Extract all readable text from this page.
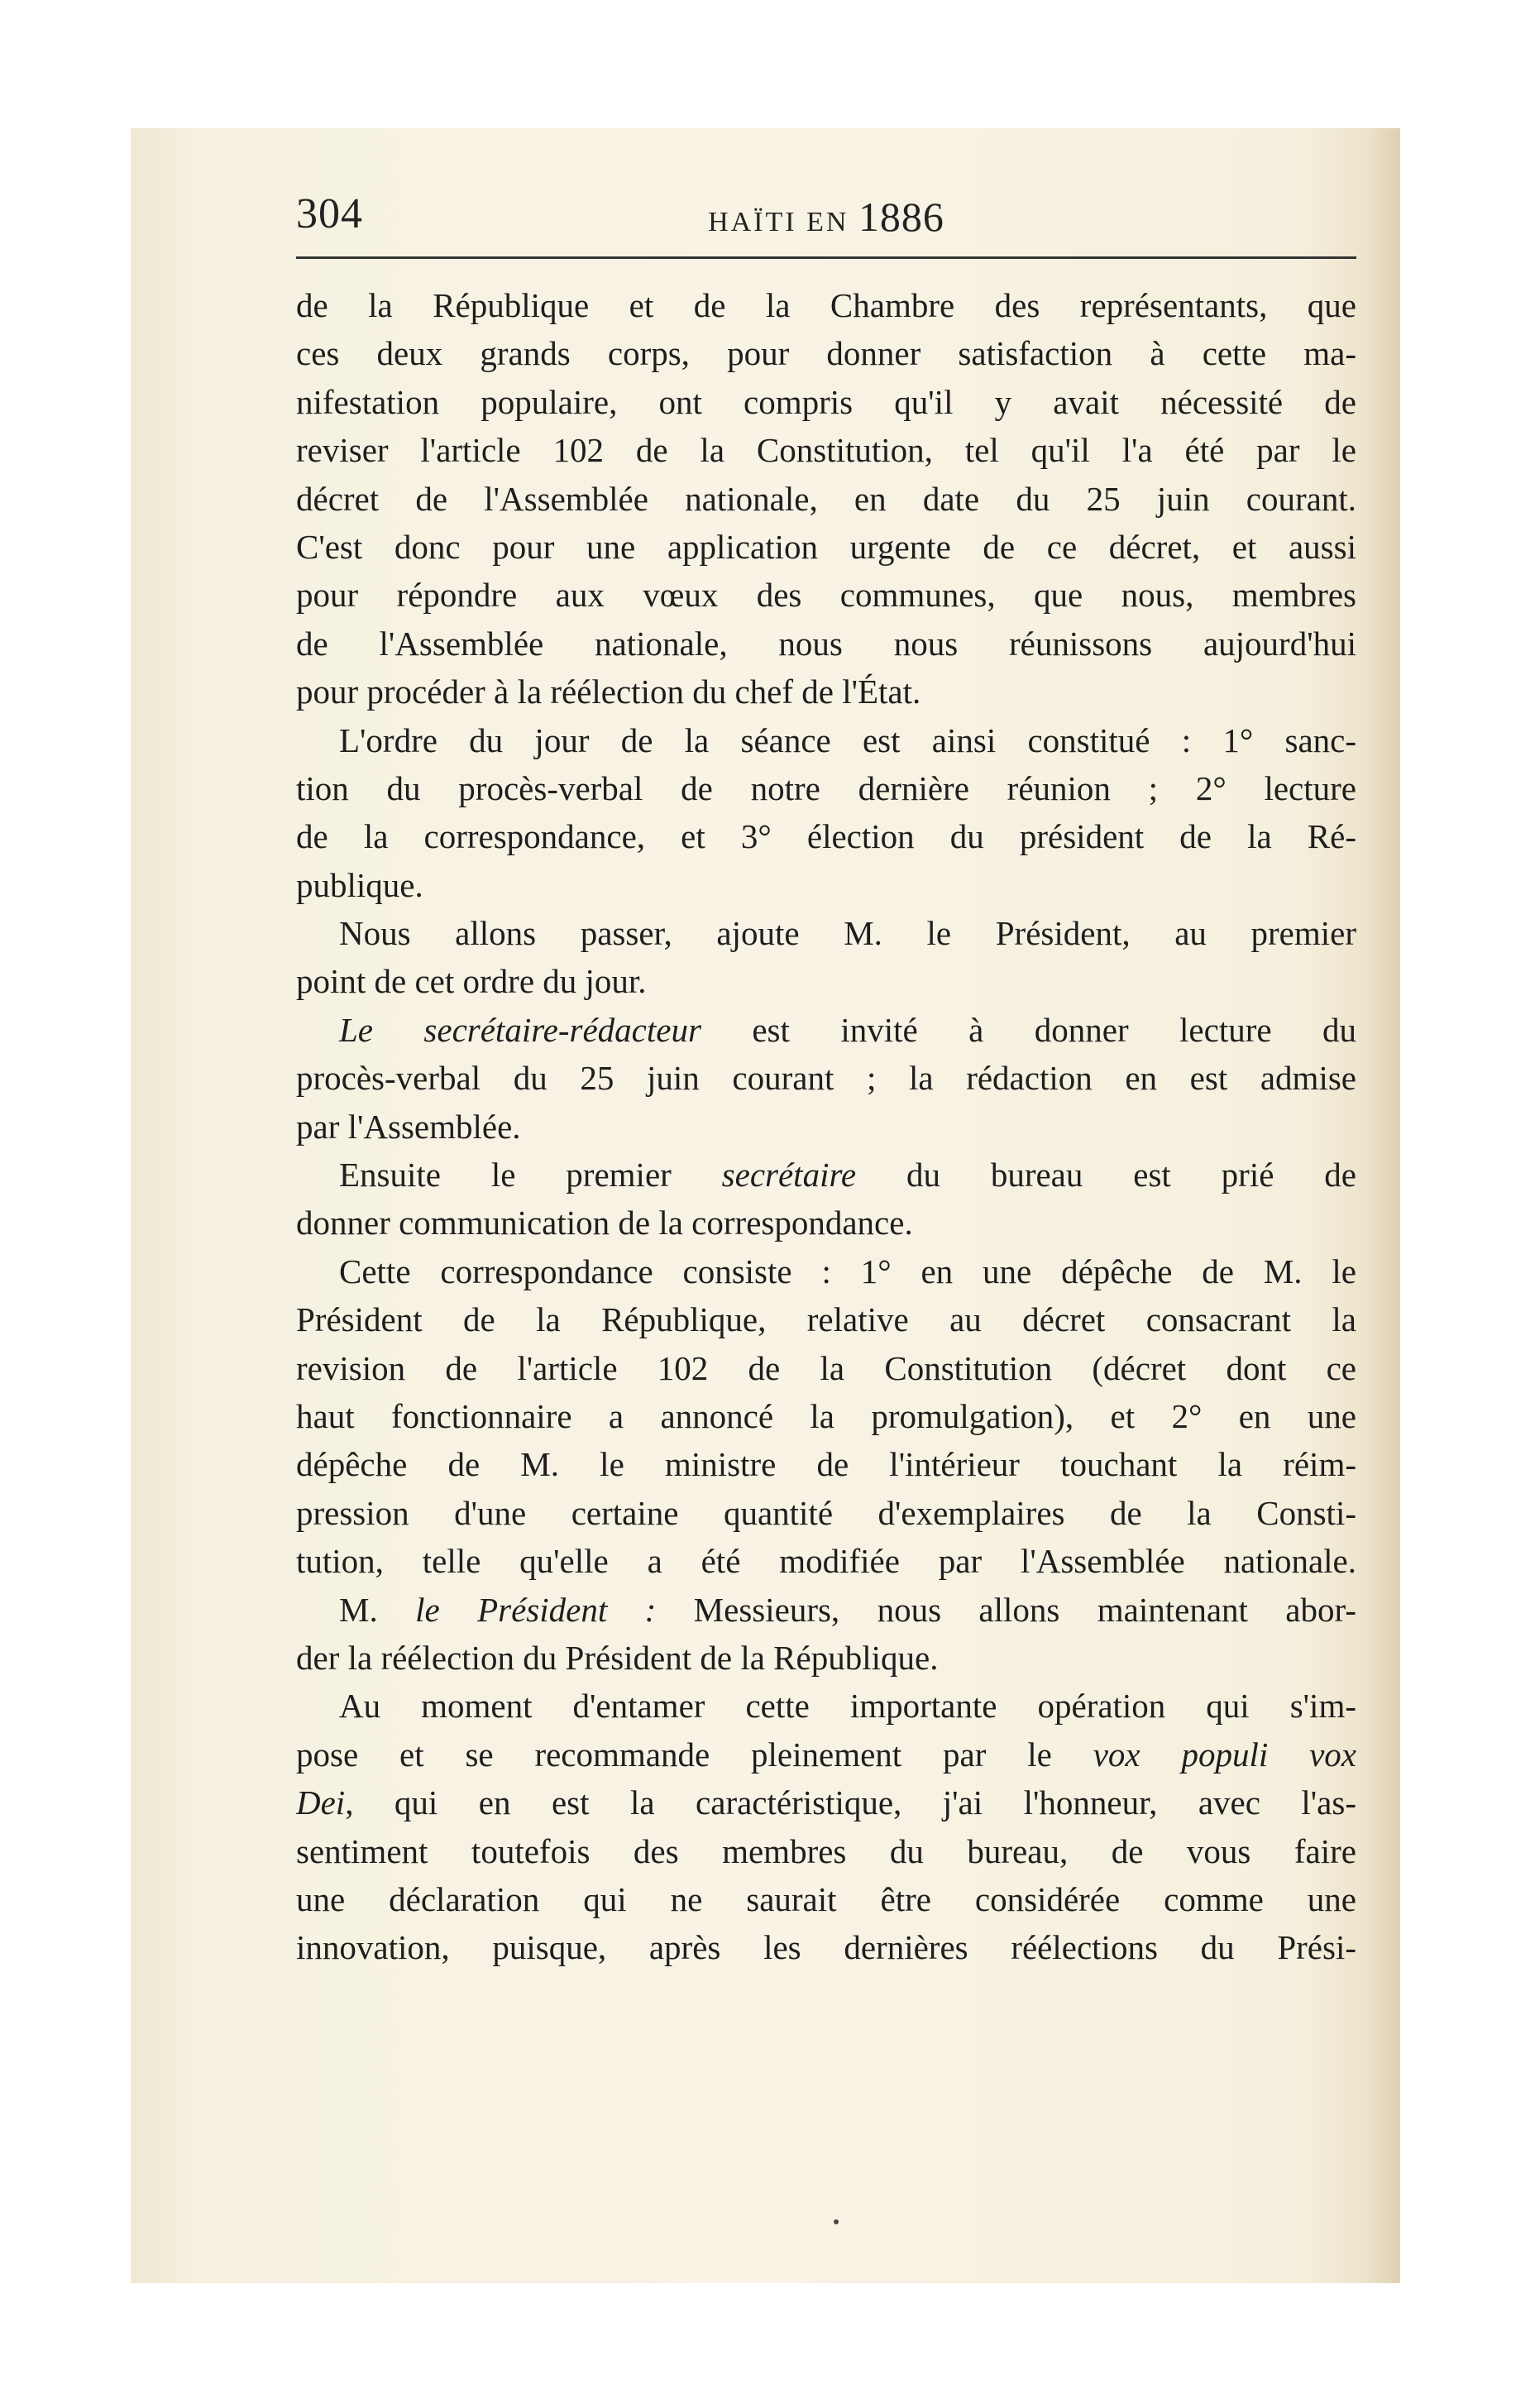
304	HAÏTI EN 1886
de la République et de la Chambre des représentants, que
ces deux grands corps, pour donner satisfaction à cette ma-
nifestation populaire, ont compris qu'il y avait nécessité de
reviser l'article 102 de la Constitution, tel qu'il l'a été par le
décret de l'Assemblée nationale, en date du 25 juin courant.
C'est donc pour une application urgente de ce décret, et aussi
pour répondre aux vœux des communes, que nous, membres
de l'Assemblée nationale, nous nous réunissons aujourd'hui
pour procéder à la réélection du chef de l'État.
L'ordre du jour de la séance est ainsi constitué : 1° sanc-
tion du procès-verbal de notre dernière réunion ; 2° lecture
de la correspondance, et 3° élection du président de la Ré-
publique.
Nous allons passer, ajoute M. le Président, au premier
point de cet ordre du jour.
Le secrétaire-rédacteur est invité à donner lecture du
procès-verbal du 25 juin courant ; la rédaction en est admise
par l'Assemblée.
Ensuite le premier secrétaire du bureau est prié de
donner communication de la correspondance.
Cette correspondance consiste : 1° en une dépêche de M. le
Président de la République, relative au décret consacrant la
revision de l'article 102 de la Constitution (décret dont ce
haut fonctionnaire a annoncé la promulgation), et 2° en une
dépêche de M. le ministre de l'intérieur touchant la réim-
pression d'une certaine quantité d'exemplaires de la Consti-
tution, telle qu'elle a été modifiée par l'Assemblée nationale.
M. le Président : Messieurs, nous allons maintenant abor-
der la réélection du Président de la République.
Au moment d'entamer cette importante opération qui s'im-
pose et se recommande pleinement par le vox populi vox
Dei, qui en est la caractéristique, j'ai l'honneur, avec l'as-
sentiment toutefois des membres du bureau, de vous faire
une déclaration qui ne saurait être considérée comme une
innovation, puisque, après les dernières réélections du Prési-
